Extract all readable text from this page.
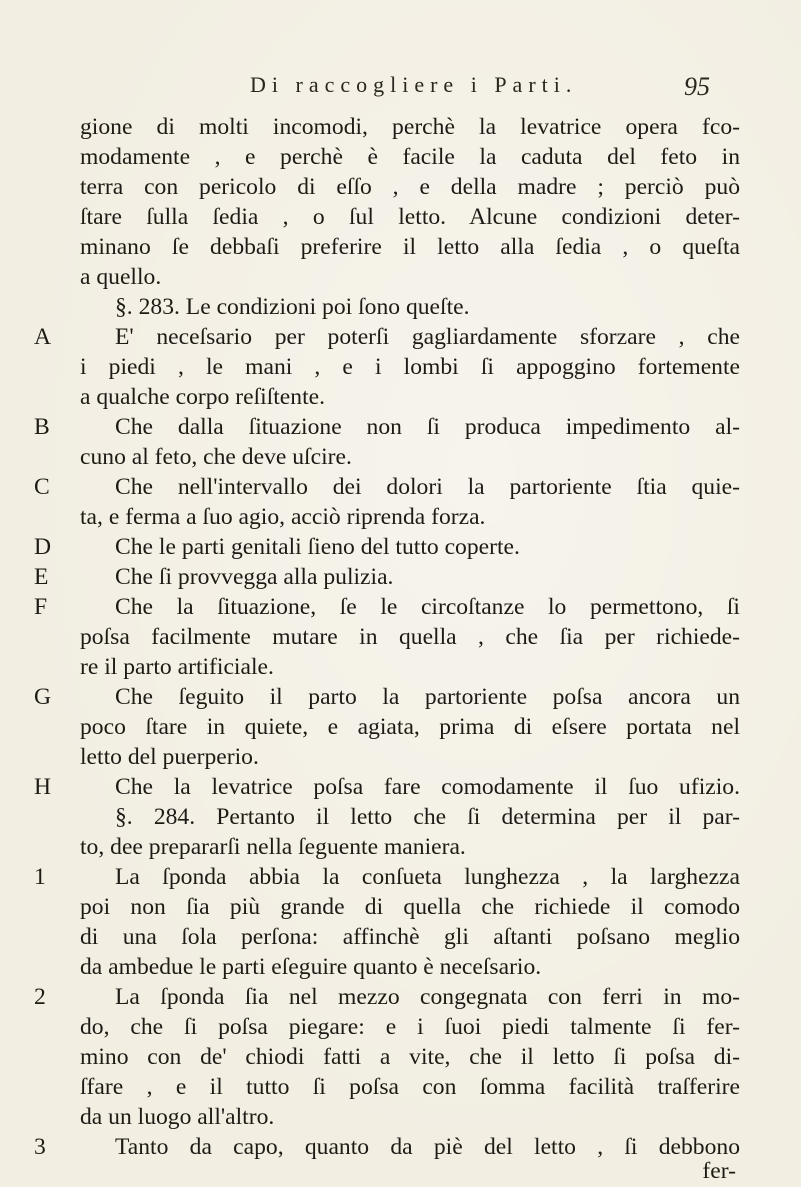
Di raccogliere i Parti.	95
gione di molti incomodi, perchè la levatrice opera fco-
modamente , e perchè è facile la caduta del feto in
terra con pericolo di eſſo , e della madre ; perciò può
ſtare ſulla ſedia , o ſul letto. Alcune condizioni deter-
minano ſe debbaſi preferire il letto alla ſedia , o queſta
a quello.
§. 283. Le condizioni poi ſono queſte.
A	E' neceſsario per poterſi gagliardamente sforzare , che
i piedi , le mani , e i lombi ſi appoggino fortemente
a qualche corpo reſiſtente.
B	Che dalla ſituazione non ſi produca impedimento al-
cuno al feto, che deve uſcire.
C	Che nell'intervallo dei dolori la partoriente ſtia quie-
ta, e ferma a ſuo agio, acciò riprenda forza.
D	Che le parti genitali ſieno del tutto coperte.
E	Che ſi provvegga alla pulizia.
F	Che la ſituazione, ſe le circoſtanze lo permettono, ſi
poſsa facilmente mutare in quella , che ſia per richiede-
re il parto artificiale.
G	Che ſeguito il parto la partoriente poſsa ancora un
poco ſtare in quiete, e agiata, prima di eſsere portata nel
letto del puerperio.
H	Che la levatrice poſsa fare comodamente il ſuo ufizio.
§. 284. Pertanto il letto che ſi determina per il par-
to, dee prepararſi nella ſeguente maniera.
1	La ſponda abbia la conſueta lunghezza , la larghezza
poi non ſia più grande di quella che richiede il comodo
di una ſola perſona: affinchè gli aſtanti poſsano meglio
da ambedue le parti eſeguire quanto è neceſsario.
2	La ſponda ſia nel mezzo congegnata con ferri in mo-
do, che ſi poſsa piegare: e i ſuoi piedi talmente ſi fer-
mino con de' chiodi fatti a vite, che il letto ſi poſsa di-
ſfare , e il tutto ſi poſsa con ſomma facilità traſferire
da un luogo all'altro.
3	Tanto da capo, quanto da piè del letto , ſi debbono
fer-
